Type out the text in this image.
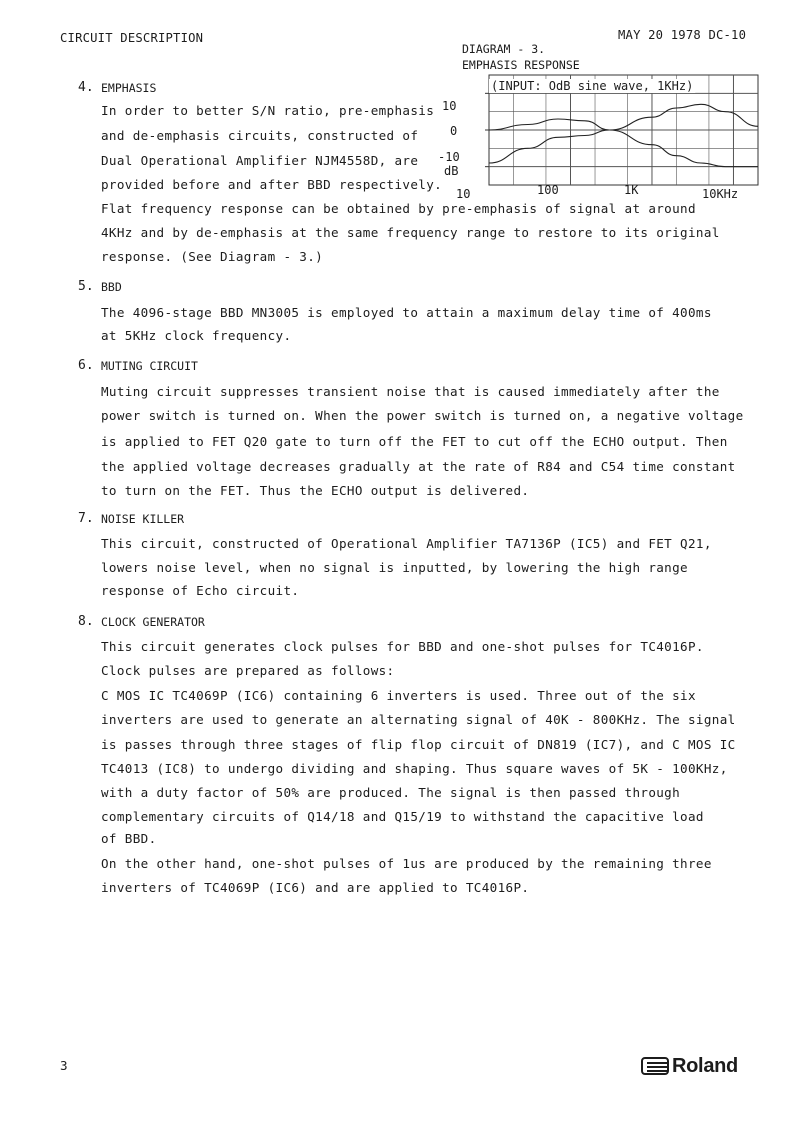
CIRCUIT DESCRIPTION	MAY 20 1978 DC-10
DIAGRAM - 3.
EMPHASIS RESPONSE
(INPUT: OdB sine wave, 1KHz)
10
0
-10
dB
10	100	1K	10KHz
4. EMPHASIS
In order to better S/N ratio, pre-emphasis
and de-emphasis circuits, constructed of
Dual Operational Amplifier NJM4558D, are
provided before and after BBD respectively.
Flat frequency response can be obtained by pre-emphasis of signal at around
4KHz and by de-emphasis at the same frequency range to restore to its original
response. (See Diagram - 3.)
5. BBD
The 4096-stage BBD MN3005 is employed to attain a maximum delay time of 400ms
at 5KHz clock frequency.
6. MUTING CIRCUIT
Muting circuit suppresses transient noise that is caused immediately after the
power switch is turned on. When the power switch is turned on, a negative voltage
is applied to FET Q20 gate to turn off the FET to cut off the ECHO output. Then
the applied voltage decreases gradually at the rate of R84 and C54 time constant
to turn on the FET. Thus the ECHO output is delivered.
7. NOISE KILLER
This circuit, constructed of Operational Amplifier TA7136P (IC5) and FET Q21,
lowers noise level, when no signal is inputted, by lowering the high range
response of Echo circuit.
8. CLOCK GENERATOR
This circuit generates clock pulses for BBD and one-shot pulses for TC4016P.
Clock pulses are prepared as follows:
C MOS IC TC4069P (IC6) containing 6 inverters is used. Three out of the six
inverters are used to generate an alternating signal of 40K - 800KHz. The signal
is passes through three stages of flip flop circuit of DN819 (IC7), and C MOS IC
TC4013 (IC8) to undergo dividing and shaping. Thus square waves of 5K - 100KHz,
with a duty factor of 50% are produced. The signal is then passed through
complementary circuits of Q14/18 and Q15/19 to withstand the capacitive load
of BBD.
On the other hand, one-shot pulses of 1us are produced by the remaining three
inverters of TC4069P (IC6) and are applied to TC4016P.
3	Roland
